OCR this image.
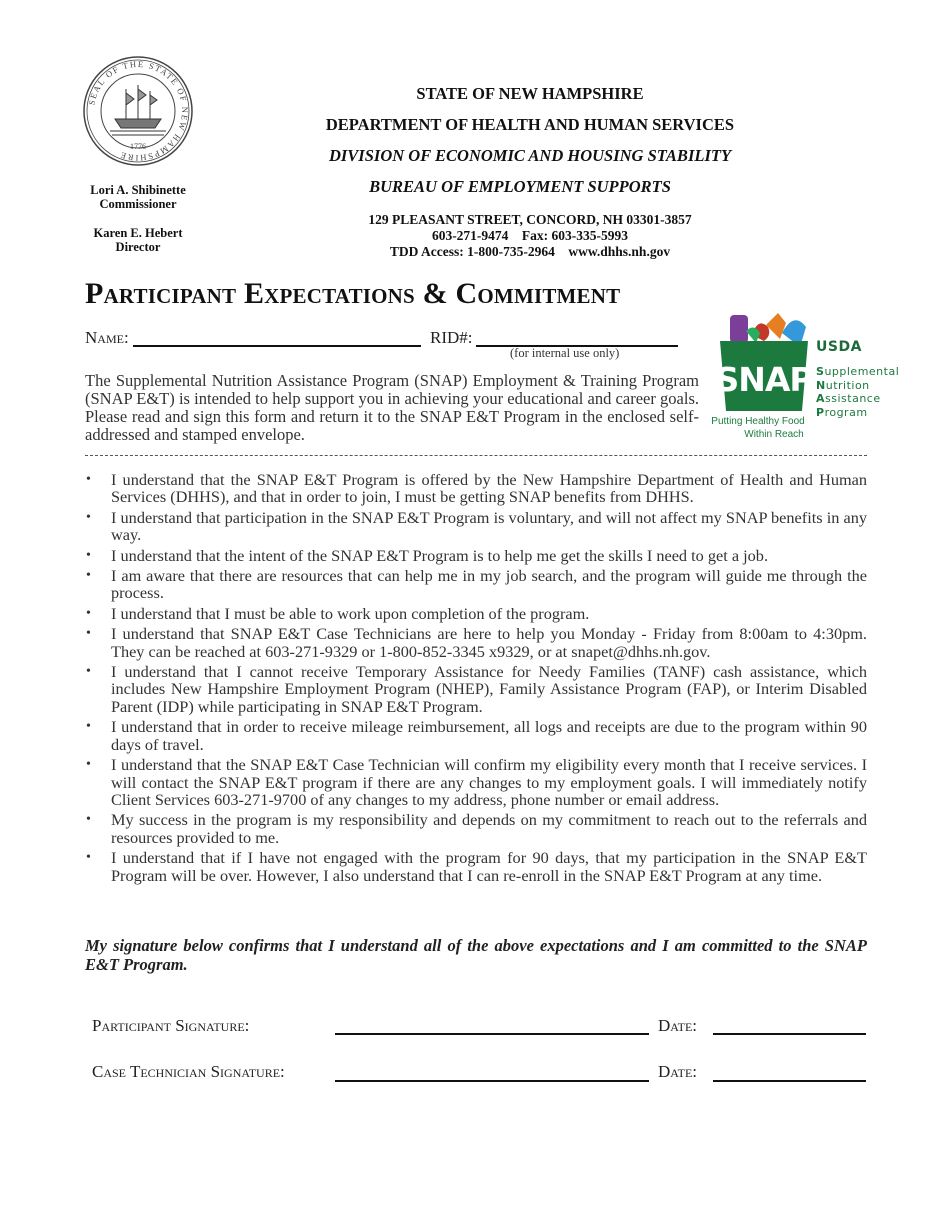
SEAL OF THE STATE OF NEW HAMPSHIRE
1776
Lori A. Shibinette
Commissioner
Karen E. Hebert
Director
STATE OF NEW HAMPSHIRE
DEPARTMENT OF HEALTH AND HUMAN SERVICES
DIVISION OF ECONOMIC AND HOUSING STABILITY
BUREAU OF EMPLOYMENT SUPPORTS
129 PLEASANT STREET, CONCORD, NH 03301-3857
603-271-9474    Fax: 603-335-5993
TDD Access: 1-800-735-2964    www.dhhs.nh.gov
Participant Expectations & Commitment
Name:	RID#:
(for internal use only)
SNAP
SM
Putting Healthy Food
Within Reach
USDA
Supplemental
Nutrition
Assistance
Program
The Supplemental Nutrition Assistance Program (SNAP) Employment & Training Program (SNAP E&T) is intended to help support you in achieving your educational and career goals. Please read and sign this form and return it to the SNAP E&T Program in the enclosed self-addressed and stamped envelope.
• I understand that the SNAP E&T Program is offered by the New Hampshire Department of Health and Human Services (DHHS), and that in order to join, I must be getting SNAP benefits from DHHS.
• I understand that participation in the SNAP E&T Program is voluntary, and will not affect my SNAP benefits in any way.
• I understand that the intent of the SNAP E&T Program is to help me get the skills I need to get a job.
• I am aware that there are resources that can help me in my job search, and the program will guide me through the process.
• I understand that I must be able to work upon completion of the program.
• I understand that SNAP E&T Case Technicians are here to help you Monday - Friday from 8:00am to 4:30pm. They can be reached at 603-271-9329 or 1-800-852-3345 x9329, or at snapet@dhhs.nh.gov.
• I understand that I cannot receive Temporary Assistance for Needy Families (TANF) cash assistance, which includes New Hampshire Employment Program (NHEP), Family Assistance Program (FAP), or Interim Disabled Parent (IDP) while participating in SNAP E&T Program.
• I understand that in order to receive mileage reimbursement, all logs and receipts are due to the program within 90 days of travel.
• I understand that the SNAP E&T Case Technician will confirm my eligibility every month that I receive services. I will contact the SNAP E&T program if there are any changes to my employment goals. I will immediately notify Client Services 603-271-9700 of any changes to my address, phone number or email address.
• My success in the program is my responsibility and depends on my commitment to reach out to the referrals and resources provided to me.
• I understand that if I have not engaged with the program for 90 days, that my participation in the SNAP E&T Program will be over. However, I also understand that I can re-enroll in the SNAP E&T Program at any time.
My signature below confirms that I understand all of the above expectations and I am committed to the SNAP E&T Program.
Participant Signature:	Date:
Case Technician Signature:	Date:
